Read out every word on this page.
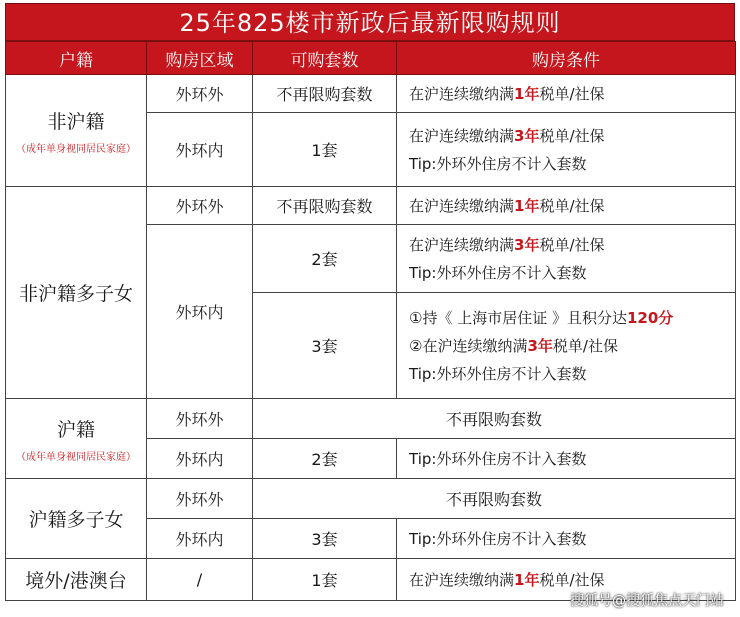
25年825楼市新政后最新限购规则
户籍	购房区域	可购套数	购房条件

非沪籍
（成年单身视同居民家庭）	外环外	不再限购套数	在沪连续缴纳满1年税单/社保

	外环内	1套	在沪连续缴纳满3年税单/社保
Tip:外环外住房不计入套数

非沪籍多子女	外环外	不再限购套数	在沪连续缴纳满1年税单/社保

	外环内	2套	在沪连续缴纳满3年税单/社保
Tip:外环外住房不计入套数

		3套	①持《 上海市居住证 》且积分达120分
②在沪连续缴纳满3年税单/社保
Tip:外环外住房不计入套数

沪籍
（成年单身视同居民家庭）	外环外	不再限购套数	
	外环内	2套	Tip:外环外住房不计入套数

沪籍多子女	外环外	不再限购套数	
	外环内	3套	Tip:外环外住房不计入套数

境外/港澳台	/	1套	在沪连续缴纳满1年税单/社保
搜狐号@搜狐焦点天门站
